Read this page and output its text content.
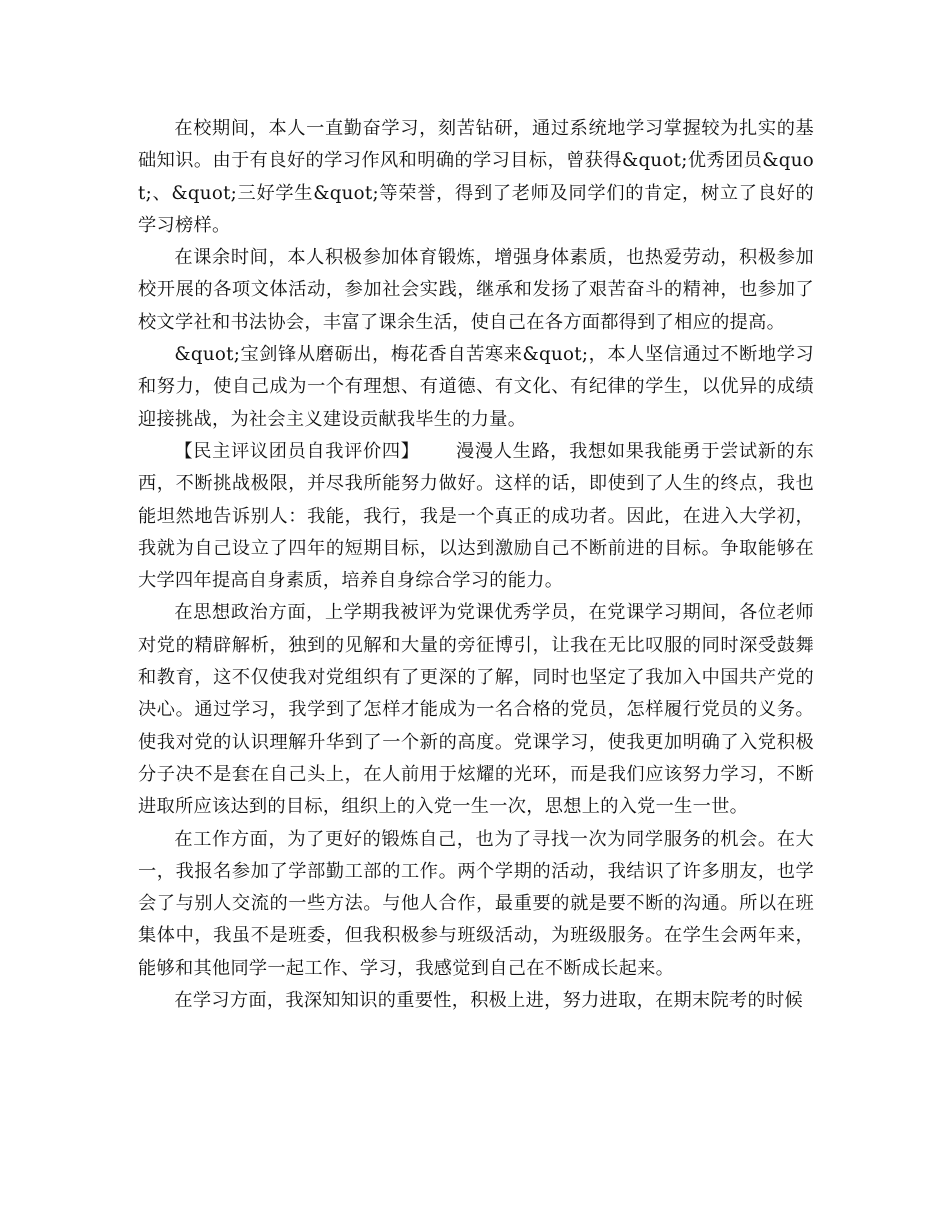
在校期间，本人一直勤奋学习，刻苦钻研，通过系统地学习掌握较为扎实的基础知识。由于有良好的学习作风和明确的学习目标，曾获得&quot;优秀团员&quot;、&quot;三好学生&quot;等荣誉，得到了老师及同学们的肯定，树立了良好的学习榜样。

在课余时间，本人积极参加体育锻炼，增强身体素质，也热爱劳动，积极参加校开展的各项文体活动，参加社会实践，继承和发扬了艰苦奋斗的精神，也参加了校文学社和书法协会，丰富了课余生活，使自己在各方面都得到了相应的提高。

&quot;宝剑锋从磨砺出，梅花香自苦寒来&quot;，本人坚信通过不断地学习和努力，使自己成为一个有理想、有道德、有文化、有纪律的学生，以优异的成绩迎接挑战，为社会主义建设贡献我毕生的力量。

【民主评议团员自我评价四】 漫漫人生路，我想如果我能勇于尝试新的东西，不断挑战极限，并尽我所能努力做好。这样的话，即使到了人生的终点，我也能坦然地告诉别人：我能，我行，我是一个真正的成功者。因此，在进入大学初，我就为自己设立了四年的短期目标，以达到激励自己不断前进的目标。争取能够在大学四年提高自身素质，培养自身综合学习的能力。

在思想政治方面，上学期我被评为党课优秀学员，在党课学习期间，各位老师对党的精辟解析，独到的见解和大量的旁征博引，让我在无比叹服的同时深受鼓舞和教育，这不仅使我对党组织有了更深的了解，同时也坚定了我加入中国共产党的决心。通过学习，我学到了怎样才能成为一名合格的党员，怎样履行党员的义务。使我对党的认识理解升华到了一个新的高度。党课学习，使我更加明确了入党积极分子决不是套在自己头上，在人前用于炫耀的光环，而是我们应该努力学习，不断进取所应该达到的目标，组织上的入党一生一次，思想上的入党一生一世。

在工作方面，为了更好的锻炼自己，也为了寻找一次为同学服务的机会。在大一，我报名参加了学部勤工部的工作。两个学期的活动，我结识了许多朋友，也学会了与别人交流的一些方法。与他人合作，最重要的就是要不断的沟通。所以在班集体中，我虽不是班委，但我积极参与班级活动，为班级服务。在学生会两年来，能够和其他同学一起工作、学习，我感觉到自己在不断成长起来。

在学习方面，我深知知识的重要性，积极上进，努力进取，在期末院考的时候
